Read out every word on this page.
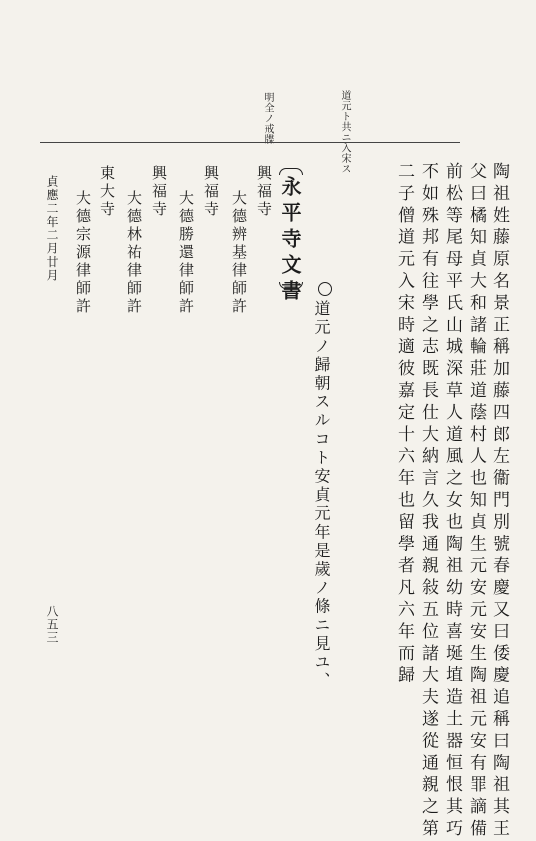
道元ト共ニ入宋ス
明全ノ戒牒
陶祖姓藤原名景正稱加藤四郎左衞門別號春慶又曰倭慶追稱曰陶祖其王
父曰橘知貞大和諸輪莊道蔭村人也知貞生元安元安生陶祖元安有罪謫備
前松等尾母平氏山城深草人道風之女也陶祖幼時喜埏埴造土器恒恨其巧
不如殊邦有往學之志既長仕大納言久我通親敍五位諸大夫遂從通親之第
二子僧道元入宋時適彼嘉定十六年也留學者凡六年而歸
道元ノ歸朝スルコト安貞元年是歲ノ條ニ見ユ、
永平寺文書
興福寺
大德辨基律師許
興福寺
大德勝還律師許
興福寺
大德林祐律師許
東大寺
大德宗源律師許
貞應二年二月廿月
八五三
